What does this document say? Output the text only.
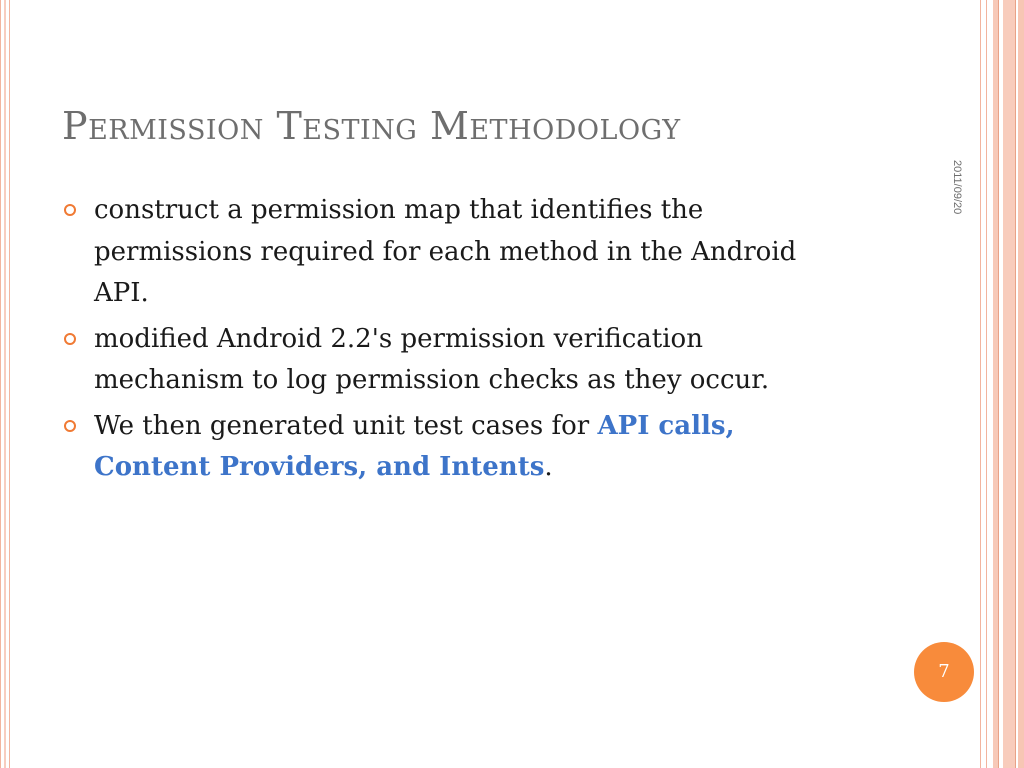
Permission Testing Methodology
2011/09/20
construct a permission map that identifies the permissions required for each method in the Android API.
modified Android 2.2's permission verification mechanism to log permission checks as they occur.
We then generated unit test cases for API calls, Content Providers, and Intents.
7
